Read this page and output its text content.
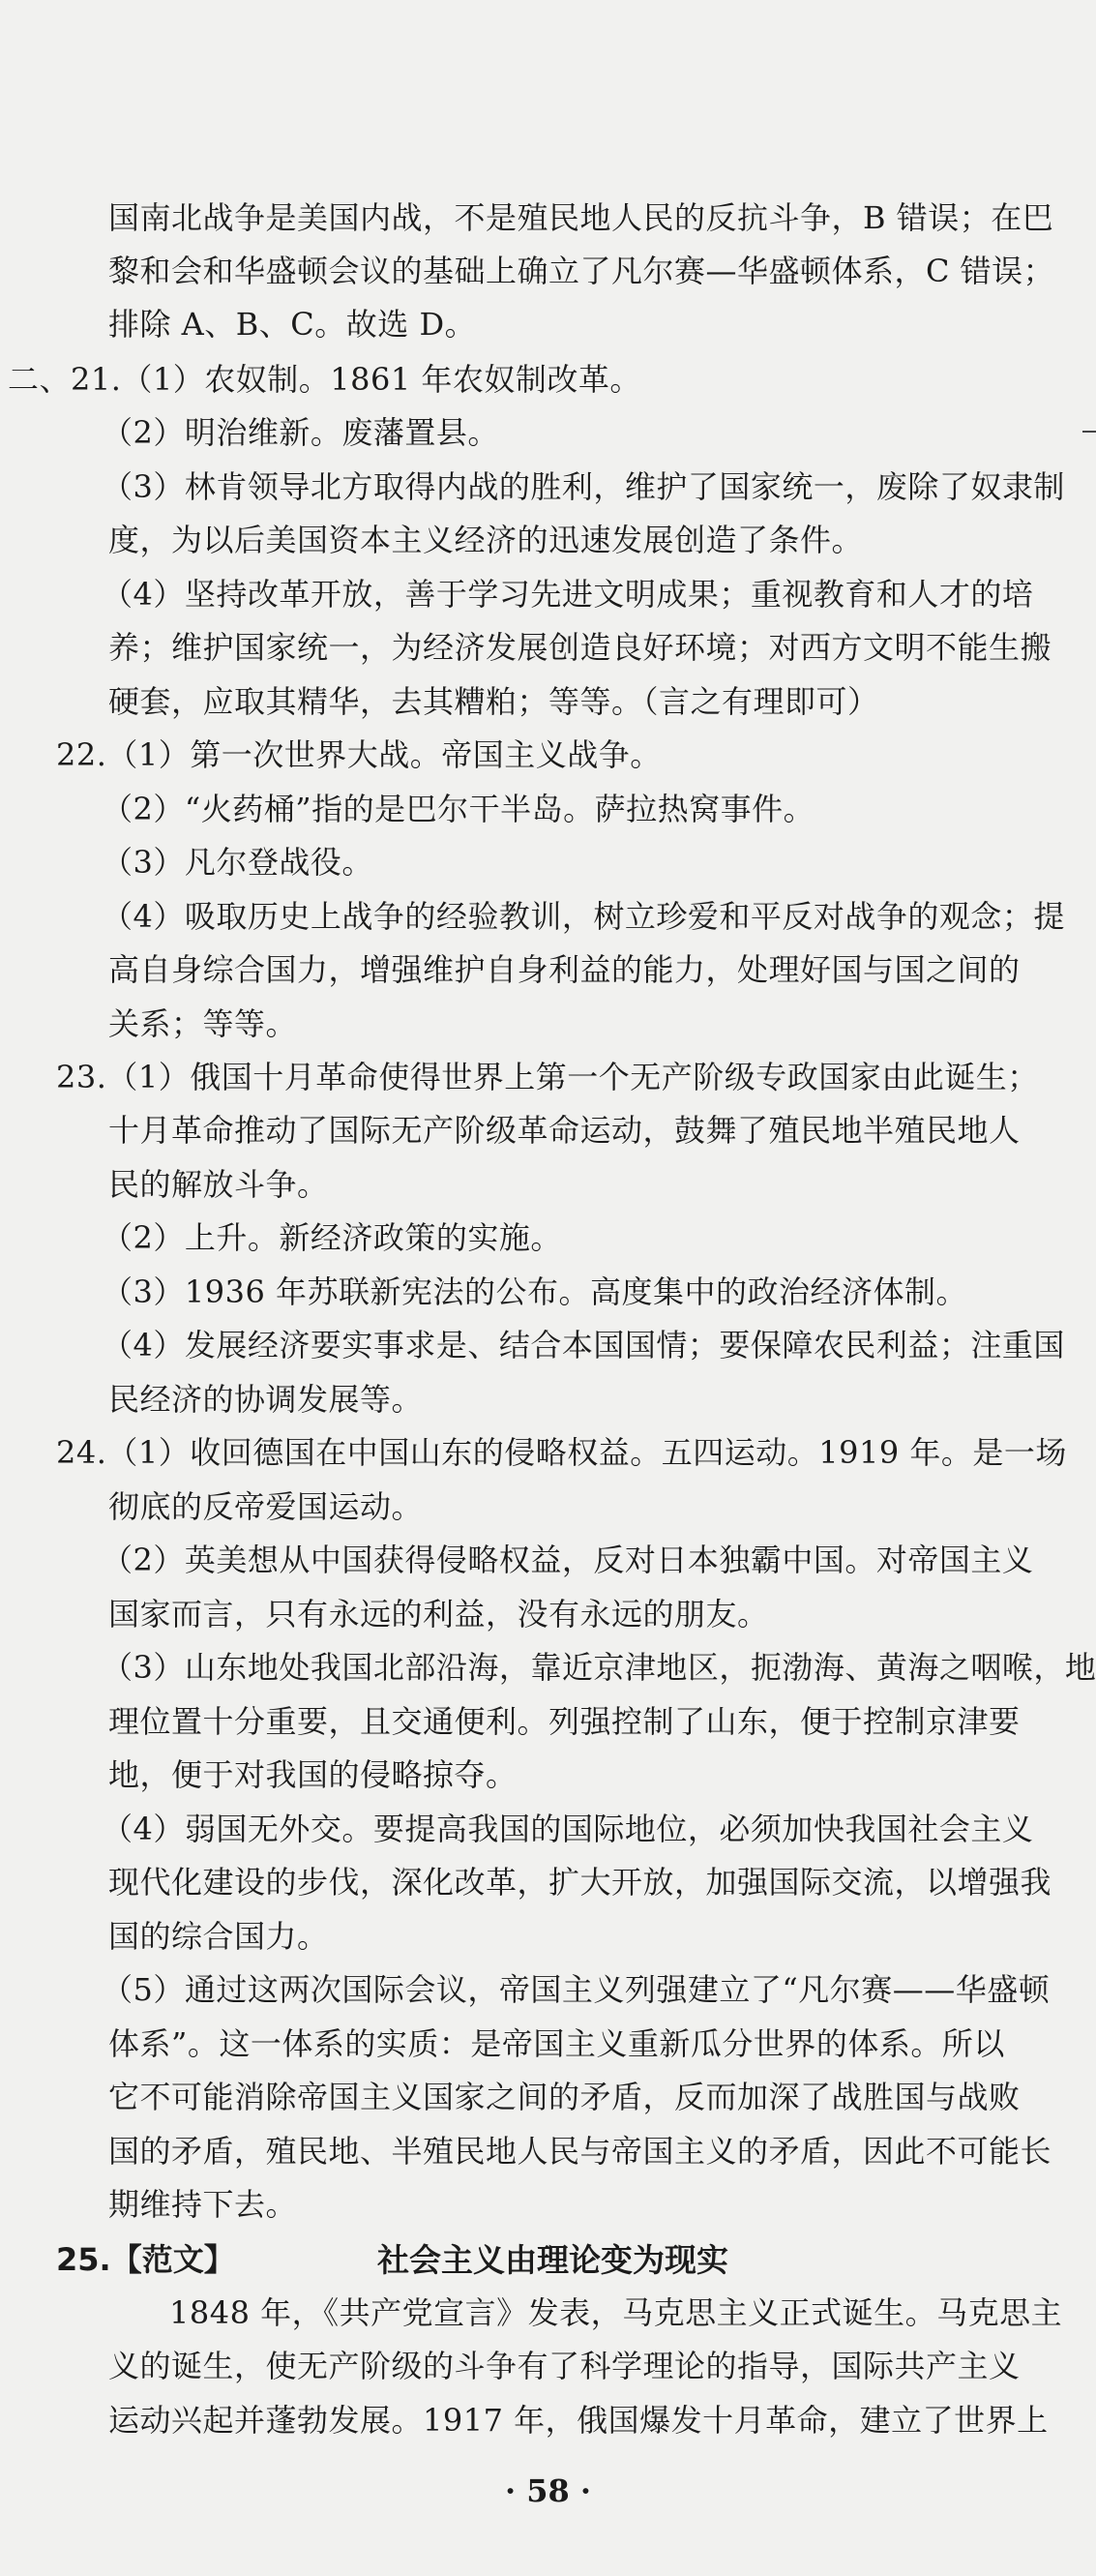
国南北战争是美国内战，不是殖民地人民的反抗斗争，B 错误；在巴
黎和会和华盛顿会议的基础上确立了凡尔赛—华盛顿体系，C 错误；
排除 A、B、C。故选 D。
二、21.（1）农奴制。1861 年农奴制改革。
（2）明治维新。废藩置县。
（3）林肯领导北方取得内战的胜利，维护了国家统一，废除了奴隶制
度，为以后美国资本主义经济的迅速发展创造了条件。
（4）坚持改革开放，善于学习先进文明成果；重视教育和人才的培
养；维护国家统一，为经济发展创造良好环境；对西方文明不能生搬
硬套，应取其精华，去其糟粕；等等。（言之有理即可）
22.（1）第一次世界大战。帝国主义战争。
（2）“火药桶”指的是巴尔干半岛。萨拉热窝事件。
（3）凡尔登战役。
（4）吸取历史上战争的经验教训，树立珍爱和平反对战争的观念；提
高自身综合国力，增强维护自身利益的能力，处理好国与国之间的
关系；等等。
23.（1）俄国十月革命使得世界上第一个无产阶级专政国家由此诞生；
十月革命推动了国际无产阶级革命运动，鼓舞了殖民地半殖民地人
民的解放斗争。
（2）上升。新经济政策的实施。
（3）1936 年苏联新宪法的公布。高度集中的政治经济体制。
（4）发展经济要实事求是、结合本国国情；要保障农民利益；注重国
民经济的协调发展等。
24.（1）收回德国在中国山东的侵略权益。五四运动。1919 年。是一场
彻底的反帝爱国运动。
（2）英美想从中国获得侵略权益，反对日本独霸中国。对帝国主义
国家而言，只有永远的利益，没有永远的朋友。
（3）山东地处我国北部沿海，靠近京津地区，扼渤海、黄海之咽喉，地
理位置十分重要，且交通便利。列强控制了山东，便于控制京津要
地，便于对我国的侵略掠夺。
（4）弱国无外交。要提高我国的国际地位，必须加快我国社会主义
现代化建设的步伐，深化改革，扩大开放，加强国际交流，以增强我
国的综合国力。
（5）通过这两次国际会议，帝国主义列强建立了“凡尔赛——华盛顿
体系”。这一体系的实质：是帝国主义重新瓜分世界的体系。所以
它不可能消除帝国主义国家之间的矛盾，反而加深了战胜国与战败
国的矛盾，殖民地、半殖民地人民与帝国主义的矛盾，因此不可能长
期维持下去。
25.【范文】	社会主义由理论变为现实
1848 年，《共产党宣言》发表，马克思主义正式诞生。马克思主
义的诞生，使无产阶级的斗争有了科学理论的指导，国际共产主义
运动兴起并蓬勃发展。1917 年，俄国爆发十月革命，建立了世界上
· 58 ·
